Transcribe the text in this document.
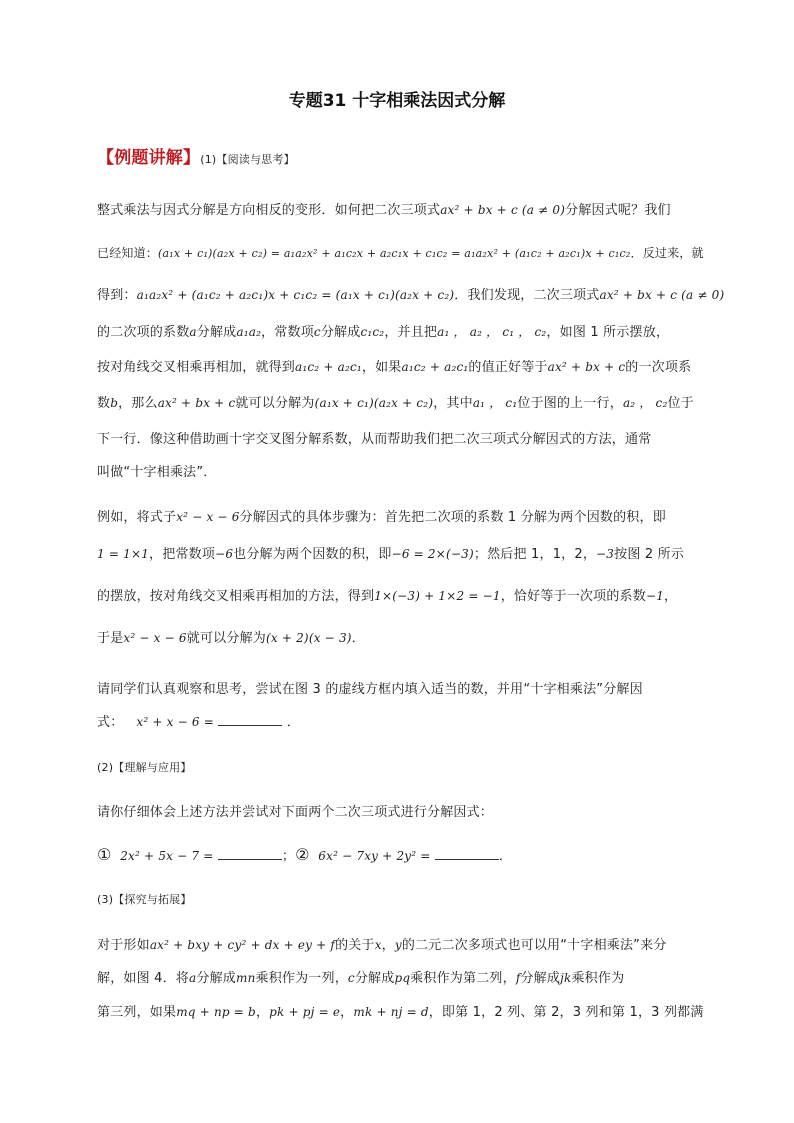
专题31 十字相乘法因式分解
【例题讲解】(1)【阅读与思考】
整式乘法与因式分解是方向相反的变形．如何把二次三项式ax² + bx + c (a ≠ 0)分解因式呢？我们
已经知道：(a₁x + c₁)(a₂x + c₂) = a₁a₂x² + a₁c₂x + a₂c₁x + c₁c₂ = a₁a₂x² + (a₁c₂ + a₂c₁)x + c₁c₂．反过来，就
得到：a₁a₂x² + (a₁c₂ + a₂c₁)x + c₁c₂ = (a₁x + c₁)(a₂x + c₂)．我们发现，二次三项式ax² + bx + c (a ≠ 0)
的二次项的系数a分解成a₁a₂，常数项c分解成c₁c₂，并且把a₁ ， a₂ ， c₁ ， c₂，如图 1 所示摆放，
按对角线交叉相乘再相加，就得到a₁c₂ + a₂c₁，如果a₁c₂ + a₂c₁的值正好等于ax² + bx + c的一次项系
数b，那么ax² + bx + c就可以分解为(a₁x + c₁)(a₂x + c₂)，其中a₁ ， c₁位于图的上一行，a₂ ， c₂位于
下一行．像这种借助画十字交叉图分解系数，从而帮助我们把二次三项式分解因式的方法，通常
叫做“十字相乘法”．
例如，将式子x² − x − 6分解因式的具体步骤为：首先把二次项的系数 1 分解为两个因数的积，即
1 = 1×1，把常数项−6也分解为两个因数的积，即−6 = 2×(−3)；然后把 1，1，2，−3按图 2 所示
的摆放，按对角线交叉相乘再相加的方法，得到1×(−3) + 1×2 = −1，恰好等于一次项的系数−1，
于是x² − x − 6就可以分解为(x + 2)(x − 3)．
请同学们认真观察和思考，尝试在图 3 的虚线方框内填入适当的数，并用“十字相乘法”分解因
式： x² + x − 6 =	．
(2)【理解与应用】
请你仔细体会上述方法并尝试对下面两个二次三项式进行分解因式：
① 2x² + 5x − 7 =	；② 6x² − 7xy + 2y² =	．
(3)【探究与拓展】
对于形如ax² + bxy + cy² + dx + ey + f的关于x，y的二元二次多项式也可以用“十字相乘法”来分
解，如图 4．将a分解成mn乘积作为一列，c分解成pq乘积作为第二列，f分解成jk乘积作为
第三列，如果mq + np = b，pk + pj = e，mk + nj = d，即第 1，2 列、第 2，3 列和第 1，3 列都满
